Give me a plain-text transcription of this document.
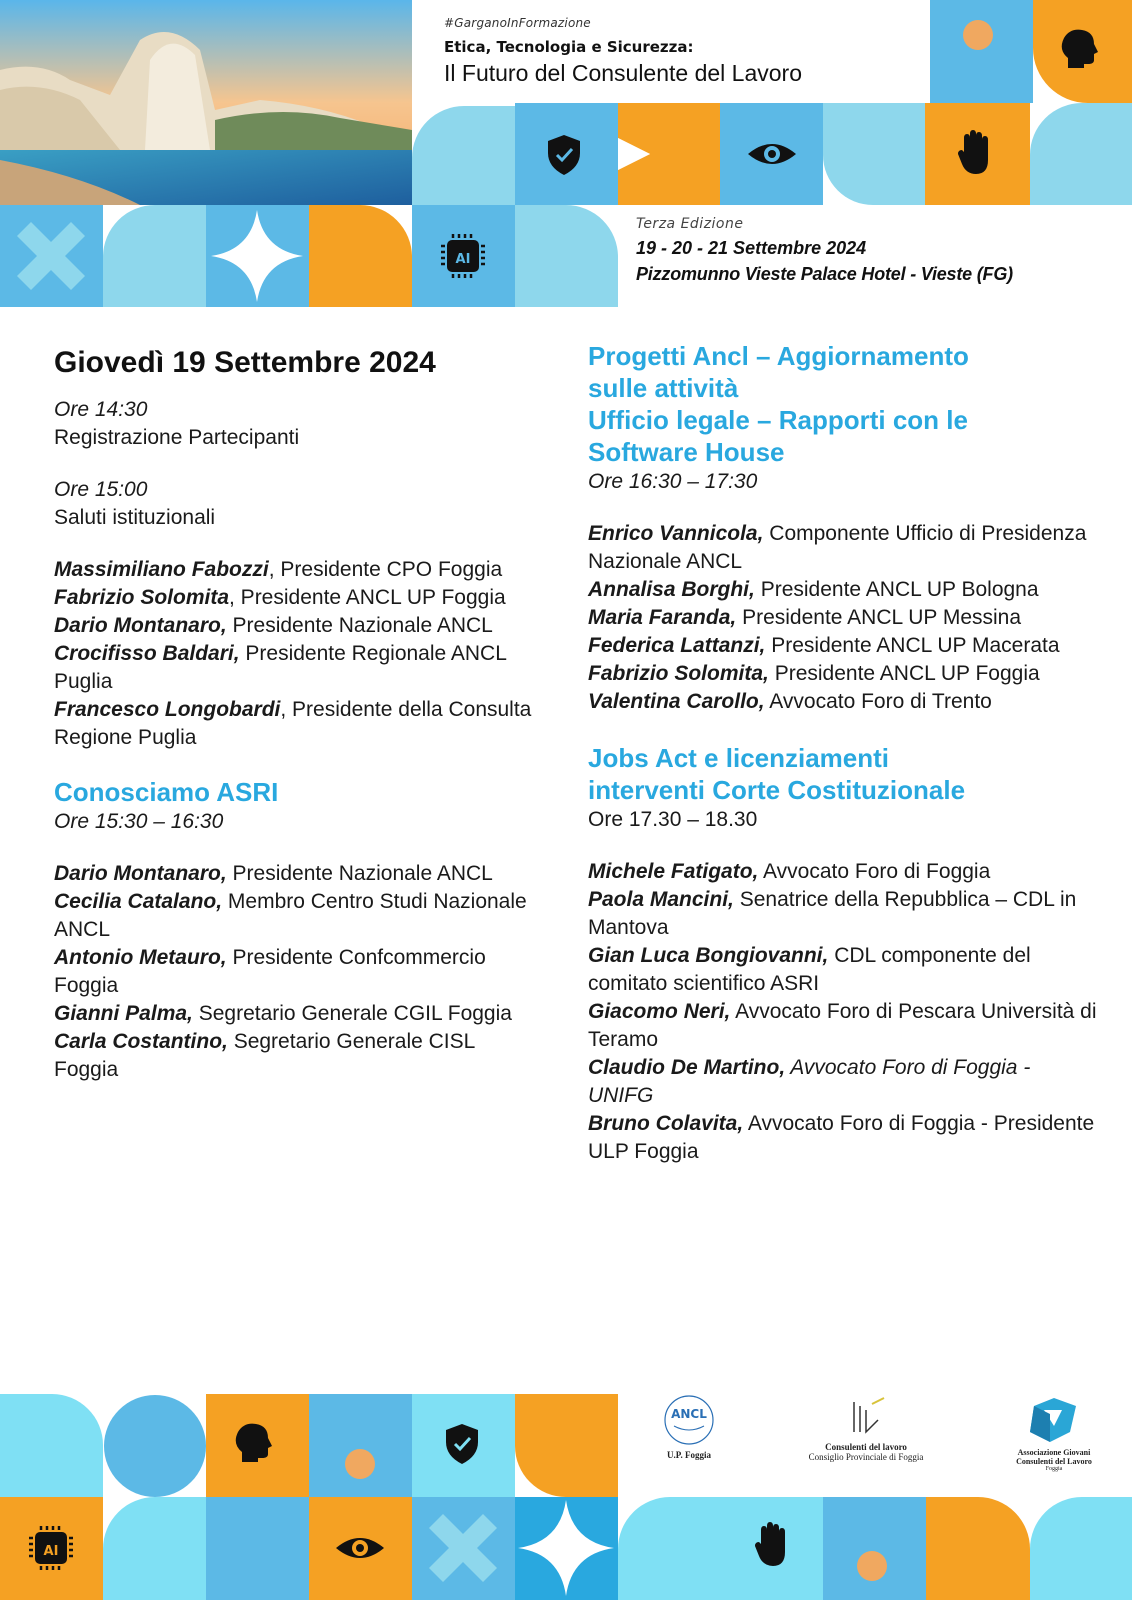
AI
#GarganoInFormazione
Etica, Tecnologia e Sicurezza:
Il Futuro del Consulente del Lavoro
Terza Edizione
19 - 20 - 21 Settembre 2024
Pizzomunno Vieste Palace Hotel - Vieste (FG)
Giovedì 19 Settembre 2024

Ore 14:30

Registrazione Partecipanti

Ore 15:00

Saluti istituzionali

Massimiliano Fabozzi, Presidente CPO Foggia

Fabrizio Solomita, Presidente ANCL UP Foggia

Dario Montanaro, Presidente Nazionale ANCL

Crocifisso Baldari, Presidente Regionale ANCL Puglia

Francesco Longobardi, Presidente della Consulta Regione Puglia

Conosciamo ASRI

Ore 15:30 – 16:30

Dario Montanaro, Presidente Nazionale ANCL

Cecilia Catalano, Membro Centro Studi Nazionale ANCL

Antonio Metauro, Presidente Confcommercio Foggia

Gianni Palma, Segretario Generale CGIL Foggia

Carla Costantino, Segretario Generale CISL Foggia

Progetti Ancl – Aggiornamento

sulle attività

Ufficio legale – Rapporti con le

Software House

Ore 16:30 – 17:30

Enrico Vannicola, Componente Ufficio di Presidenza Nazionale ANCL

Annalisa Borghi, Presidente ANCL UP Bologna

Maria Faranda, Presidente ANCL UP Messina

Federica Lattanzi, Presidente ANCL UP Macerata

Fabrizio Solomita, Presidente ANCL UP Foggia

Valentina Carollo, Avvocato Foro di Trento

Jobs Act e licenziamenti

interventi Corte Costituzionale

Ore 17.30 – 18.30

Michele Fatigato, Avvocato Foro di Foggia

Paola Mancini, Senatrice della Repubblica – CDL in Mantova

Gian Luca Bongiovanni, CDL componente del comitato scientifico ASRI

Giacomo Neri, Avvocato Foro di Pescara Università di Teramo

Claudio De Martino, Avvocato Foro di Foggia - UNIFG

Bruno Colavita, Avvocato Foro di Foggia - Presidente ULP Foggia

AI
ANCL
U.P. Foggia
Consulenti del lavoro
Consiglio Provinciale di Foggia	Associazione Giovani
Consulenti del Lavoro
Foggia
